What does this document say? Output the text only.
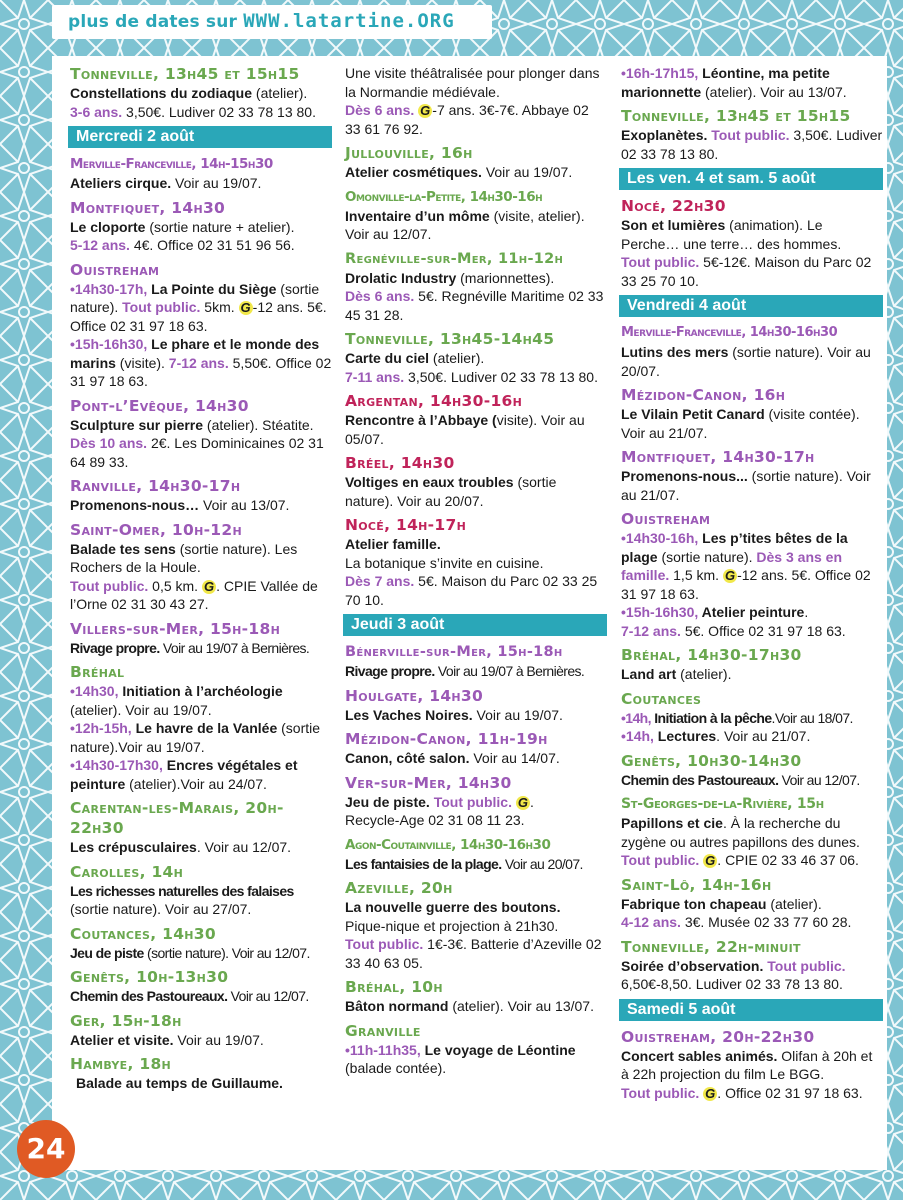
plus de dates sur WWW.latartine.ORG
Tonneville, 13h45 et 15h15
Constellations du zodiaque (atelier).
3-6 ans. 3,50€. Ludiver 02 33 78 13 80.
Mercredi 2 août
Merville-Franceville, 14h-15h30
Ateliers cirque. Voir au 19/07.
Montfiquet, 14h30
Le cloporte (sortie nature + atelier).
5-12 ans. 4€. Office 02 31 51 96 56.
Ouistreham
•14h30-17h, La Pointe du Siège (sortie nature). Tout public. 5km. G -12 ans. 5€. Office 02 31 97 18 63.
•15h-16h30, Le phare et le monde des marins (visite). 7-12 ans. 5,50€. Office 02 31 97 18 63.
Pont-l’Evêque, 14h30
Sculpture sur pierre (atelier). Stéatite. Dès 10 ans. 2€. Les Dominicaines 02 31 64 89 33.
Ranville, 14h30-17h
Promenons-nous… Voir au 13/07.
Saint-Omer, 10h-12h
Balade tes sens (sortie nature). Les Rochers de la Houle.
Tout public. 0,5 km. G . CPIE Vallée de l’Orne 02 31 30 43 27.
Villers-sur-Mer, 15h-18h
Rivage propre. Voir au 19/07 à Bernières.
Bréhal
•14h30, Initiation à l’archéologie (atelier). Voir au 19/07.
•12h-15h, Le havre de la Vanlée (sortie nature).Voir au 19/07.
•14h30-17h30, Encres végétales et peinture (atelier).Voir au 24/07.
Carentan-les-Marais, 20h-22h30
Les crépusculaires. Voir au 12/07.
Carolles, 14h
Les richesses naturelles des falaises (sortie nature). Voir au 27/07.
Coutances, 14h30
Jeu de piste (sortie nature). Voir au 12/07.
Genêts, 10h-13h30
Chemin des Pastoureaux. Voir au 12/07.
Ger, 15h-18h
Atelier et visite. Voir au 19/07.
Hambye, 18h
Balade au temps de Guillaume.
Une visite théâtralisée pour plonger dans la Normandie médiévale.
Dès 6 ans. G -7 ans. 3€-7€. Abbaye 02 33 61 76 92.
Jullouville, 16h
Atelier cosmétiques. Voir au 19/07.
Omonville-la-Petite, 14h30-16h
Inventaire d’un môme (visite, atelier). Voir au 12/07.
Regnéville-sur-Mer, 11h-12h
Drolatic Industry (marionnettes).
Dès 6 ans. 5€. Regnéville Maritime 02 33 45 31 28.
Tonneville, 13h45-14h45
Carte du ciel (atelier).
7-11 ans. 3,50€. Ludiver 02 33 78 13 80.
Argentan, 14h30-16h
Rencontre à l’Abbaye (visite). Voir au 05/07.
Bréel, 14h30
Voltiges en eaux troubles (sortie nature). Voir au 20/07.
Nocé, 14h-17h
Atelier famille.
La botanique s’invite en cuisine.
Dès 7 ans. 5€. Maison du Parc 02 33 25 70 10.
Jeudi 3 août
Bénerville-sur-Mer, 15h-18h
Rivage propre. Voir au 19/07 à Bernières.
Houlgate, 14h30
Les Vaches Noires. Voir au 19/07.
Mézidon-Canon, 11h-19h
Canon, côté salon. Voir au 14/07.
Ver-sur-Mer, 14h30
Jeu de piste. Tout public. G .
Recycle-Age 02 31 08 11 23.
Agon-Coutainville, 14h30-16h30
Les fantaisies de la plage. Voir au 20/07.
Azeville, 20h
La nouvelle guerre des boutons.
Pique-nique et projection à 21h30.
Tout public. 1€-3€. Batterie d’Azeville 02 33 40 63 05.
Bréhal, 10h
Bâton normand (atelier). Voir au 13/07.
Granville
•11h-11h35, Le voyage de Léontine (balade contée).
•16h-17h15, Léontine, ma petite marionnette (atelier). Voir au 13/07.
Tonneville, 13h45 et 15h15
Exoplanètes. Tout public. 3,50€. Ludiver 02 33 78 13 80.
Les ven. 4 et sam. 5 août
Nocé, 22h30
Son et lumières (animation). Le Perche… une terre… des hommes.
Tout public. 5€-12€. Maison du Parc 02 33 25 70 10.
Vendredi 4 août
Merville-Franceville, 14h30-16h30
Lutins des mers (sortie nature). Voir au 20/07.
Mézidon-Canon, 16h
Le Vilain Petit Canard (visite contée). Voir au 21/07.
Montfiquet, 14h30-17h
Promenons-nous... (sortie nature). Voir au 21/07.
Ouistreham
•14h30-16h, Les p’tites bêtes de la plage (sortie nature). Dès 3 ans en famille. 1,5 km. G -12 ans. 5€. Office 02 31 97 18 63.
•15h-16h30, Atelier peinture.
7-12 ans. 5€. Office 02 31 97 18 63.
Bréhal, 14h30-17h30
Land art (atelier).
Coutances
•14h, Initiation à la pêche.Voir au 18/07.
•14h, Lectures. Voir au 21/07.
Genêts, 10h30-14h30
Chemin des Pastoureaux. Voir au 12/07.
St-Georges-de-la-Rivière, 15h
Papillons et cie. À la recherche du zygène ou autres papillons des dunes.
Tout public. G . CPIE 02 33 46 37 06.
Saint-Lô, 14h-16h
Fabrique ton chapeau (atelier).
4-12 ans. 3€. Musée 02 33 77 60 28.
Tonneville, 22h-minuit
Soirée d’observation. Tout public. 6,50€-8,50. Ludiver 02 33 78 13 80.
Samedi 5 août
Ouistreham, 20h-22h30
Concert sables animés. Olifan à 20h et à 22h projection du film Le BGG.
Tout public. G . Office 02 31 97 18 63.
24
